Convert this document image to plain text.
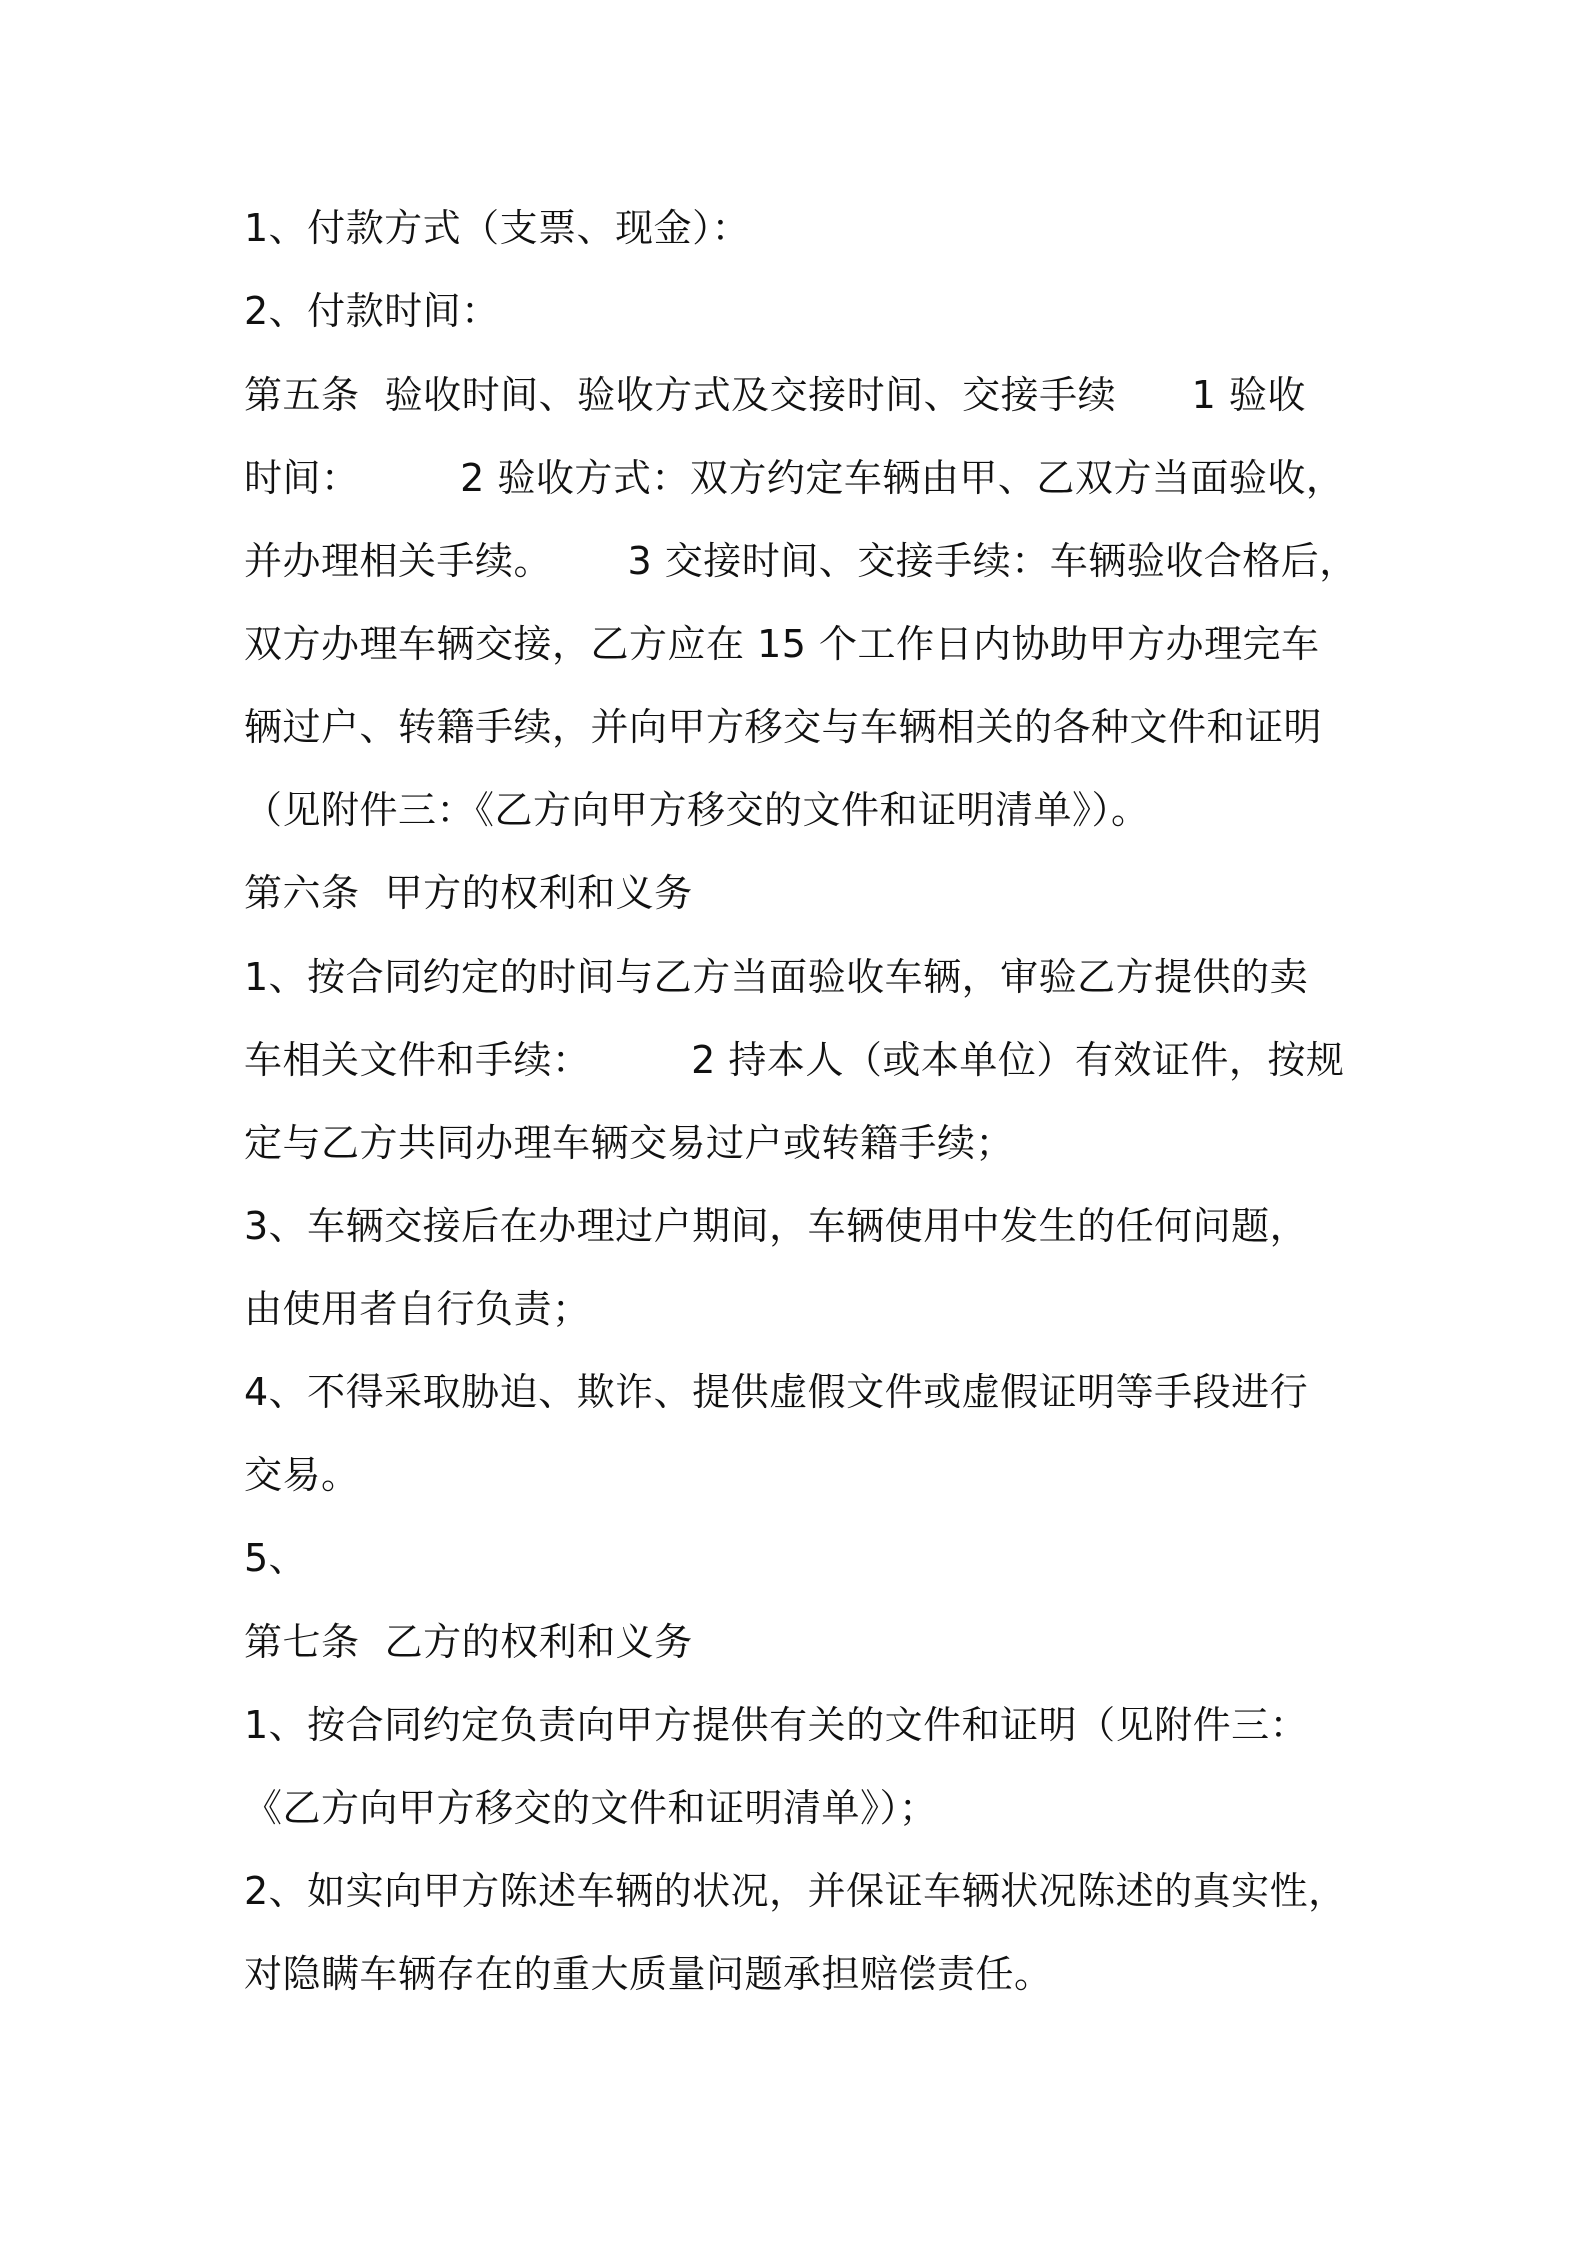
1、付款方式（支票、现金）：
2、付款时间：
第五条  验收时间、验收方式及交接时间、交接手续      1 验收
时间：        2 验收方式：双方约定车辆由甲、乙双方当面验收，
并办理相关手续。      3 交接时间、交接手续：车辆验收合格后，
双方办理车辆交接，乙方应在 15 个工作日内协助甲方办理完车
辆过户、转籍手续，并向甲方移交与车辆相关的各种文件和证明
（见附件三：《乙方向甲方移交的文件和证明清单》）。
第六条  甲方的权利和义务
1、按合同约定的时间与乙方当面验收车辆，审验乙方提供的卖
车相关文件和手续：        2 持本人（或本单位）有效证件，按规
定与乙方共同办理车辆交易过户或转籍手续；
3、车辆交接后在办理过户期间，车辆使用中发生的任何问题，
由使用者自行负责；
4、不得采取胁迫、欺诈、提供虚假文件或虚假证明等手段进行
交易。
5、
第七条  乙方的权利和义务
1、按合同约定负责向甲方提供有关的文件和证明（见附件三：
《乙方向甲方移交的文件和证明清单》）；
2、如实向甲方陈述车辆的状况，并保证车辆状况陈述的真实性，
对隐瞒车辆存在的重大质量问题承担赔偿责任。
